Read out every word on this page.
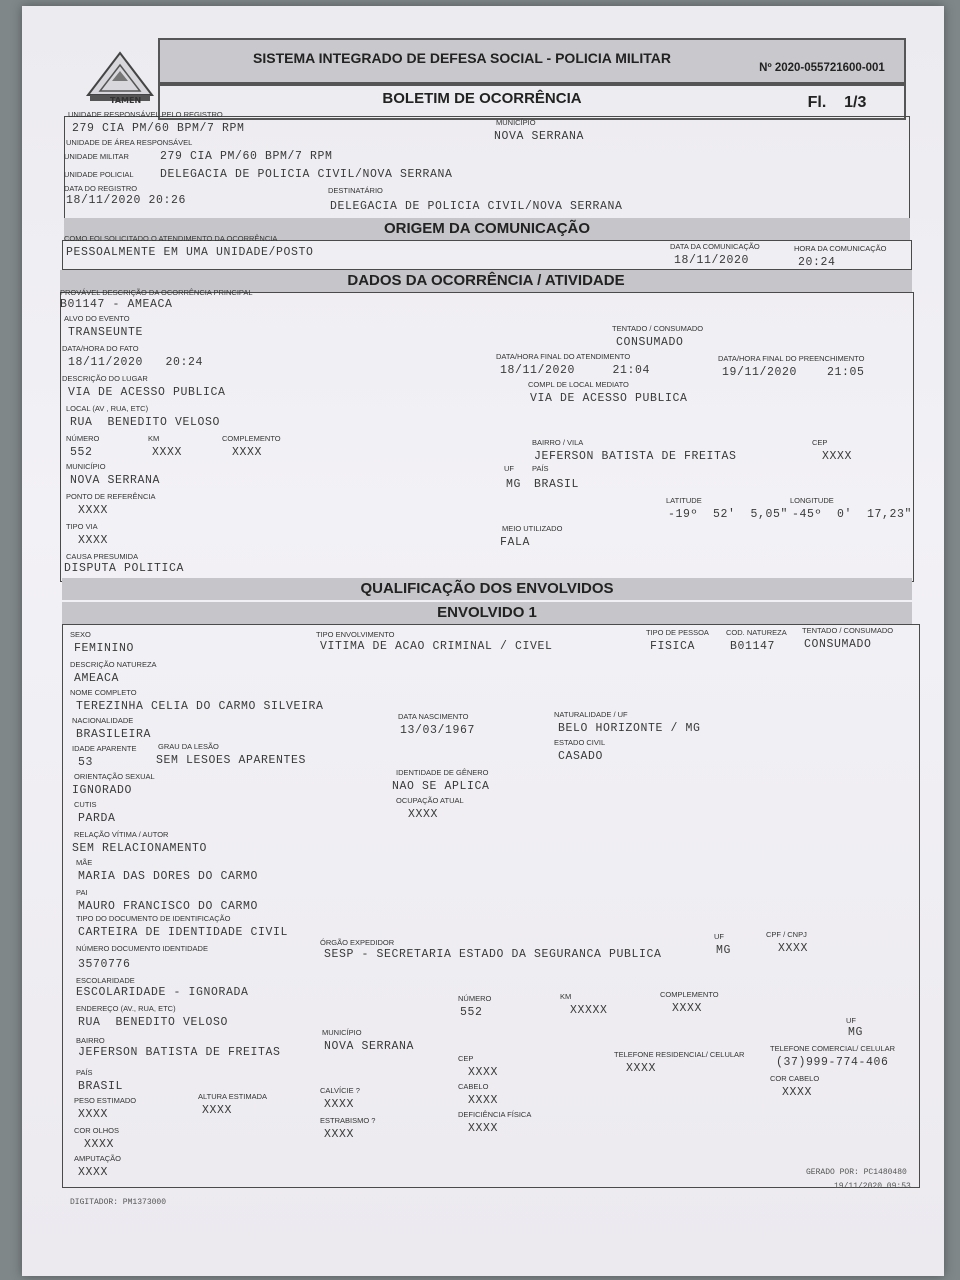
TAMEN
SISTEMA INTEGRADO DE DEFESA SOCIAL - POLICIA MILITAR
Nº 2020-055721600-001
BOLETIM DE OCORRÊNCIA	Fl.    1/3
UNIDADE RESPONSÁVEL PELO REGISTRO
279 CIA PM/60 BPM/7 RPM	MUNICÍPIO
NOVA SERRANA
UNIDADE DE ÁREA RESPONSÁVEL
UNIDADE MILITAR	279 CIA PM/60 BPM/7 RPM
UNIDADE POLICIAL DELEGACIA DE POLICIA CIVIL/NOVA SERRANA
DATA DO REGISTRO
18/11/2020 20:26
DESTINATÁRIO
DELEGACIA DE POLICIA CIVIL/NOVA SERRANA
ORIGEM DA COMUNICAÇÃO
COMO FOI SOLICITADO O ATENDIMENTO DA OCORRÊNCIA
PESSOALMENTE EM UMA UNIDADE/POSTO	DATA DA COMUNICAÇÃO
18/11/2020
HORA DA COMUNICAÇÃO
20:24
DADOS DA OCORRÊNCIA / ATIVIDADE
PROVÁVEL DESCRIÇÃO DA OCORRÊNCIA PRINCIPAL
B01147 - AMEACA
ALVO DO EVENTO
TRANSEUNTE	TENTADO / CONSUMADO
CONSUMADO
DATA/HORA DO FATO
18/11/2020   20:24	DATA/HORA FINAL DO ATENDIMENTO
18/11/2020     21:04
DATA/HORA FINAL DO PREENCHIMENTO
19/11/2020    21:05
DESCRIÇÃO DO LUGAR
VIA DE ACESSO PUBLICA
COMPL DE LOCAL MEDIATO
VIA DE ACESSO PUBLICA
LOCAL (AV , RUA, ETC)
RUA  BENEDITO VELOSO
NÚMERO
552
KM
XXXX
COMPLEMENTO
XXXX
BAIRRO / VILA
JEFERSON BATISTA DE FREITAS
CEP
XXXX
MUNICÍPIO
NOVA SERRANA
UF
MG
PAÍS
BRASIL
PONTO DE REFERÊNCIA
XXXX
LATITUDE
-19º  52'  5,05"
LONGITUDE
-45º  0'  17,23"
TIPO VIA
XXXX
MEIO UTILIZADO
FALA
CAUSA PRESUMIDA
DISPUTA POLITICA
QUALIFICAÇÃO DOS ENVOLVIDOS
ENVOLVIDO 1
SEXO
FEMININO
TIPO ENVOLVIMENTO
VITIMA DE ACAO CRIMINAL / CIVEL
TIPO DE PESSOA
FISICA
COD. NATUREZA
B01147
TENTADO / CONSUMADO
CONSUMADO
DESCRIÇÃO NATUREZA
AMEACA
NOME COMPLETO
TEREZINHA CELIA DO CARMO SILVEIRA
NACIONALIDADE
BRASILEIRA
DATA NASCIMENTO
13/03/1967
NATURALIDADE / UF
BELO HORIZONTE / MG
IDADE APARENTE
53
GRAU DA LESÃO
SEM LESOES APARENTES
ESTADO CIVIL
CASADO
ORIENTAÇÃO SEXUAL
IGNORADO
IDENTIDADE DE GÊNERO
NAO SE APLICA
CUTIS
PARDA
OCUPAÇÃO ATUAL
XXXX
RELAÇÃO VÍTIMA / AUTOR
SEM RELACIONAMENTO
MÃE
MARIA DAS DORES DO CARMO
PAI
MAURO FRANCISCO DO CARMO
TIPO DO DOCUMENTO DE IDENTIFICAÇÃO
CARTEIRA DE IDENTIDADE CIVIL
NÚMERO DOCUMENTO IDENTIDADE
3570776
ÓRGÃO EXPEDIDOR
SESP - SECRETARIA ESTADO DA SEGURANCA PUBLICA
UF
MG
CPF / CNPJ
XXXX
ESCOLARIDADE
ESCOLARIDADE - IGNORADA
ENDEREÇO (AV., RUA, ETC)
RUA  BENEDITO VELOSO
NÚMERO
552
KM
XXXXX
COMPLEMENTO
XXXX
UF
MG
BAIRRO
JEFERSON BATISTA DE FREITAS
MUNICÍPIO
NOVA SERRANA
CEP
XXXX
TELEFONE RESIDENCIAL/ CELULAR
XXXX
TELEFONE COMERCIAL/ CELULAR
(37)999-774-406
PAÍS
BRASIL	CABELO
XXXX
COR CABELO
XXXX
PESO ESTIMADO
XXXX
ALTURA ESTIMADA
XXXX
CALVÍCIE ?
XXXX
COR OLHOS
XXXX
ESTRABISMO ?
XXXX
DEFICIÊNCIA FÍSICA
XXXX
AMPUTAÇÃO
XXXX
DIGITADOR: PM1373000
GERADO POR: PC1480480
19/11/2020 09:53
